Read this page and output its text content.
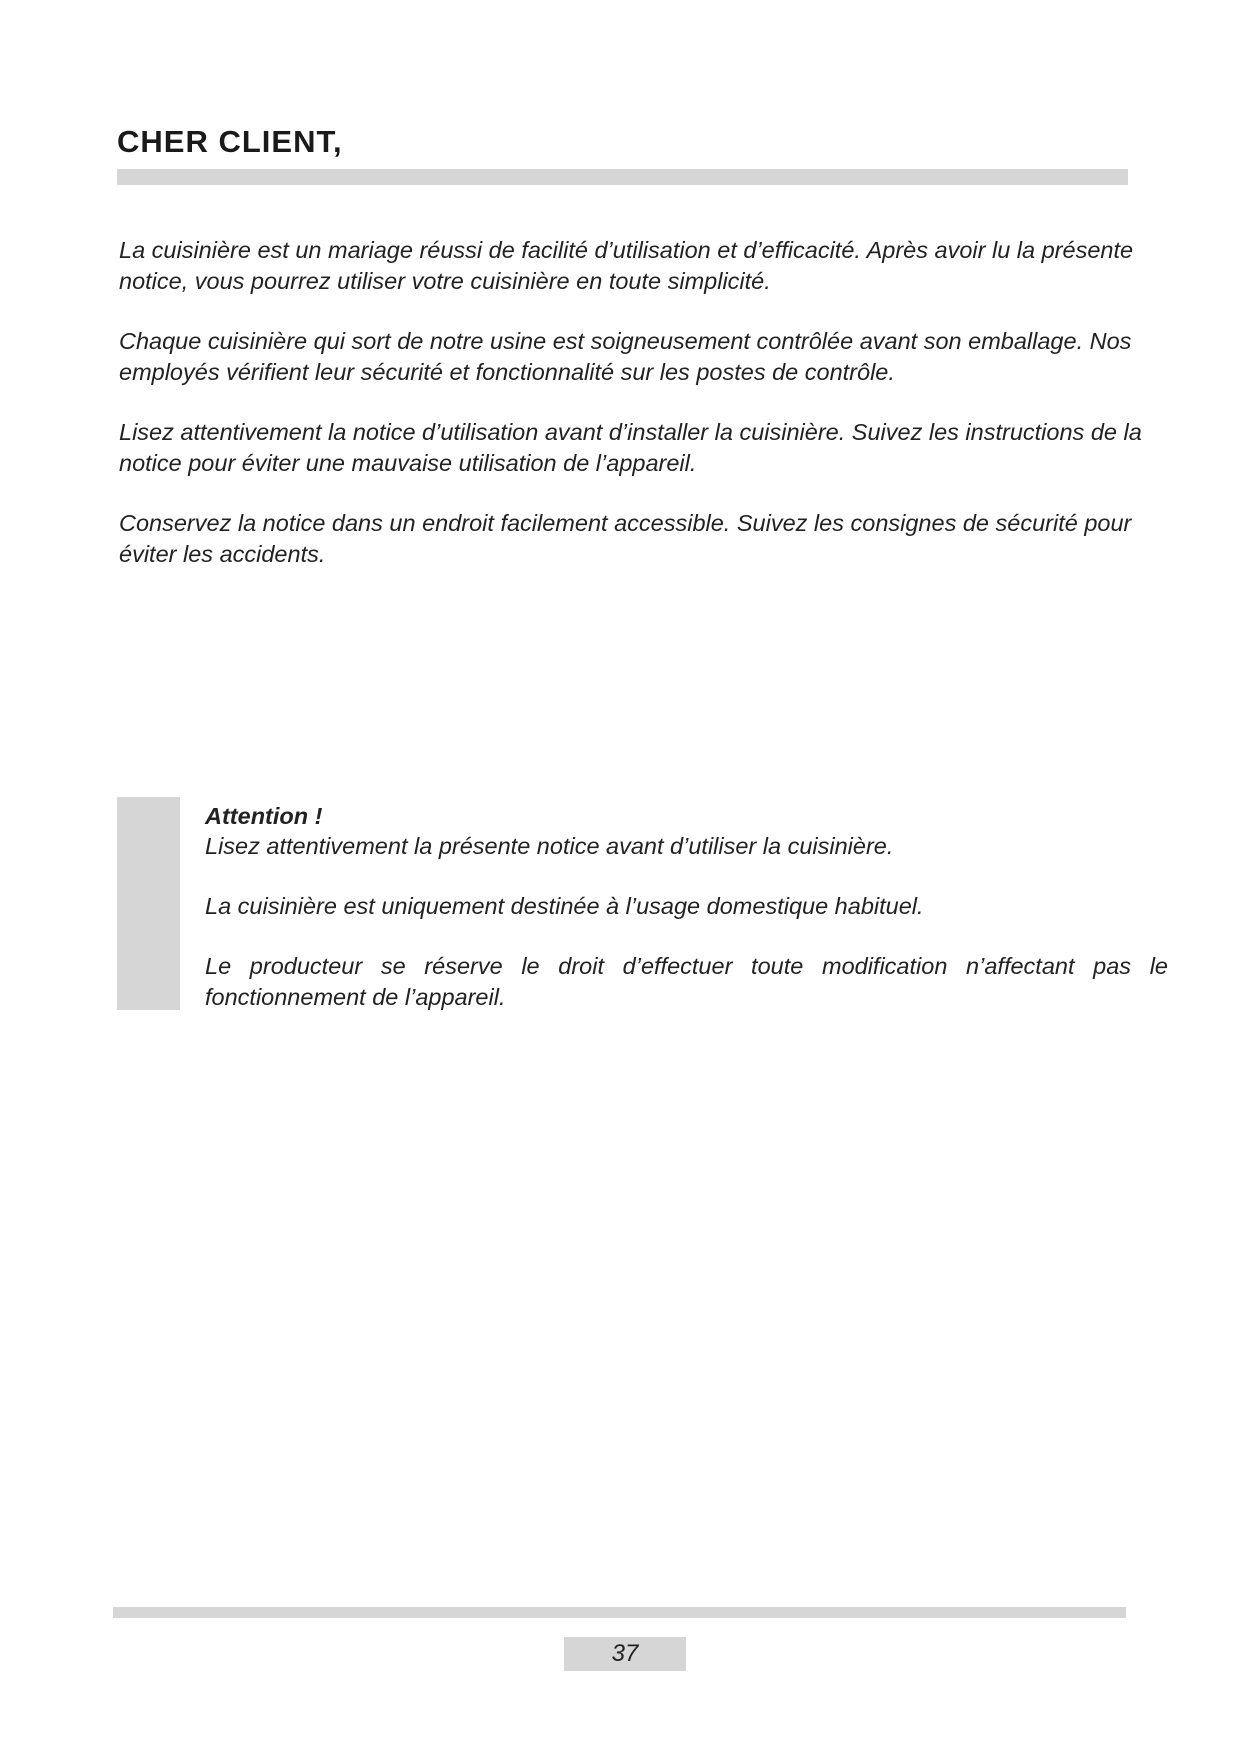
CHER CLIENT,

La cuisinière est un mariage réussi de facilité d’utilisation et d’efficacité. Après avoir lu la présente notice, vous pourrez utiliser votre cuisinière en toute simplicité.

Chaque cuisinière qui sort de notre usine est soigneusement contrôlée avant son emballage. Nos employés vérifient leur sécurité et fonctionnalité sur les postes de contrôle.

Lisez attentivement la notice d’utilisation avant d’installer la cuisinière. Suivez les instructions de la notice pour éviter une mauvaise utilisation de l’appareil.

Conservez la notice dans un endroit facilement accessible. Suivez les consignes de sécurité pour éviter les accidents.

Attention !

Lisez attentivement la présente notice avant d’utiliser la cuisinière.

La cuisinière est uniquement destinée à l’usage domestique habituel.

Le producteur se réserve le droit d’effectuer toute modification n’affectant pas le fonctionnement de l’appareil.

37
